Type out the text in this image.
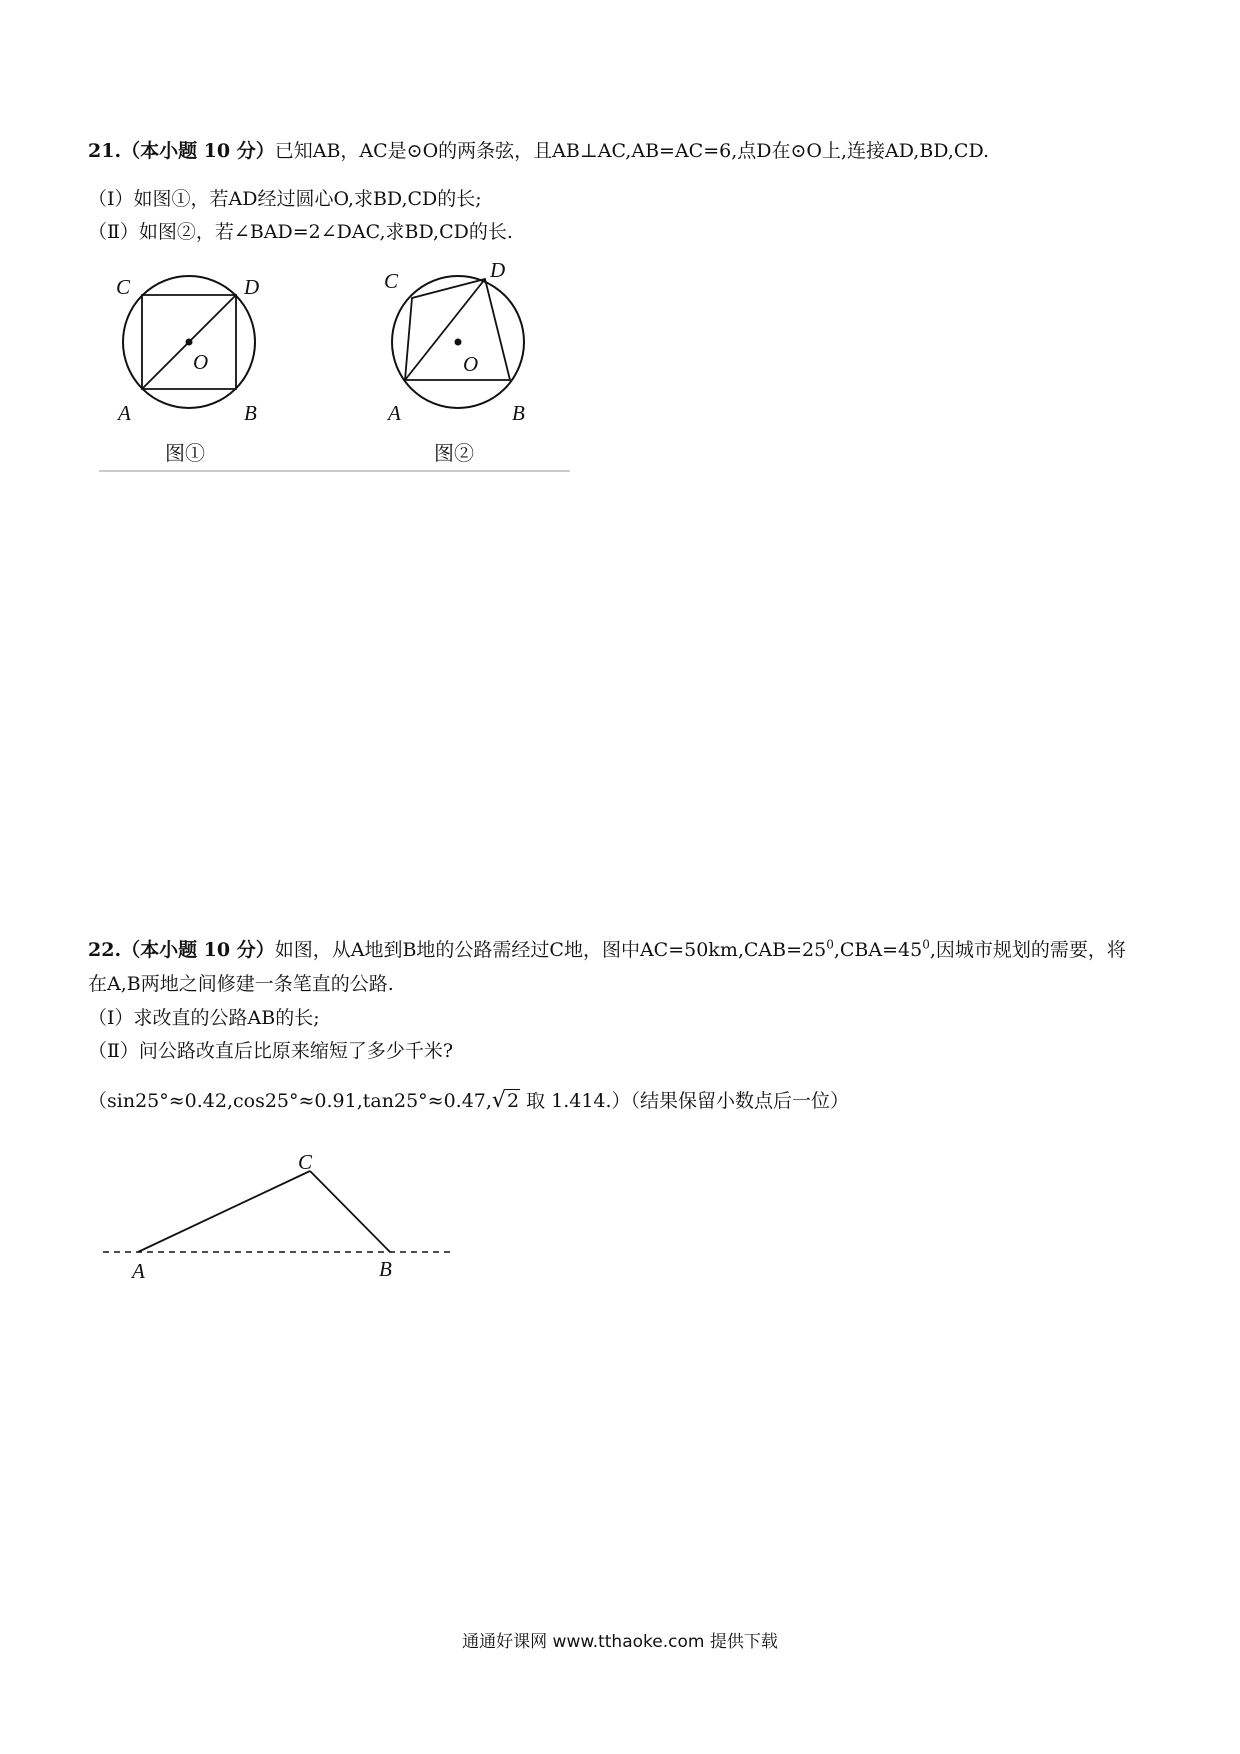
21.（本小题 10 分）已知AB，AC是⊙O的两条弦，且AB⊥AC,AB=AC=6,点D在⊙O上,连接AD,BD,CD.
（Ⅰ）如图①，若AD经过圆心O,求BD,CD的长;
（Ⅱ）如图②，若∠BAD=2∠DAC,求BD,CD的长.
C	D
O
A	B
图①
C	D
O
A	B
图②
22.（本小题 10 分）如图，从A地到B地的公路需经过C地，图中$AC=50km,CAB=25^0,CBA=45^0$,因城市规划的需要，将
在A,B两地之间修建一条笔直的公路.
（Ⅰ）求改直的公路AB的长;
（Ⅱ）问公路改直后比原来缩短了多少千米?
（sin25°≈0.42,cos25°≈0.91,tan25°≈0.47,√2 取 1.414.）（结果保留小数点后一位）
C
A	B
通通好课网 www.tthaoke.com 提供下载
